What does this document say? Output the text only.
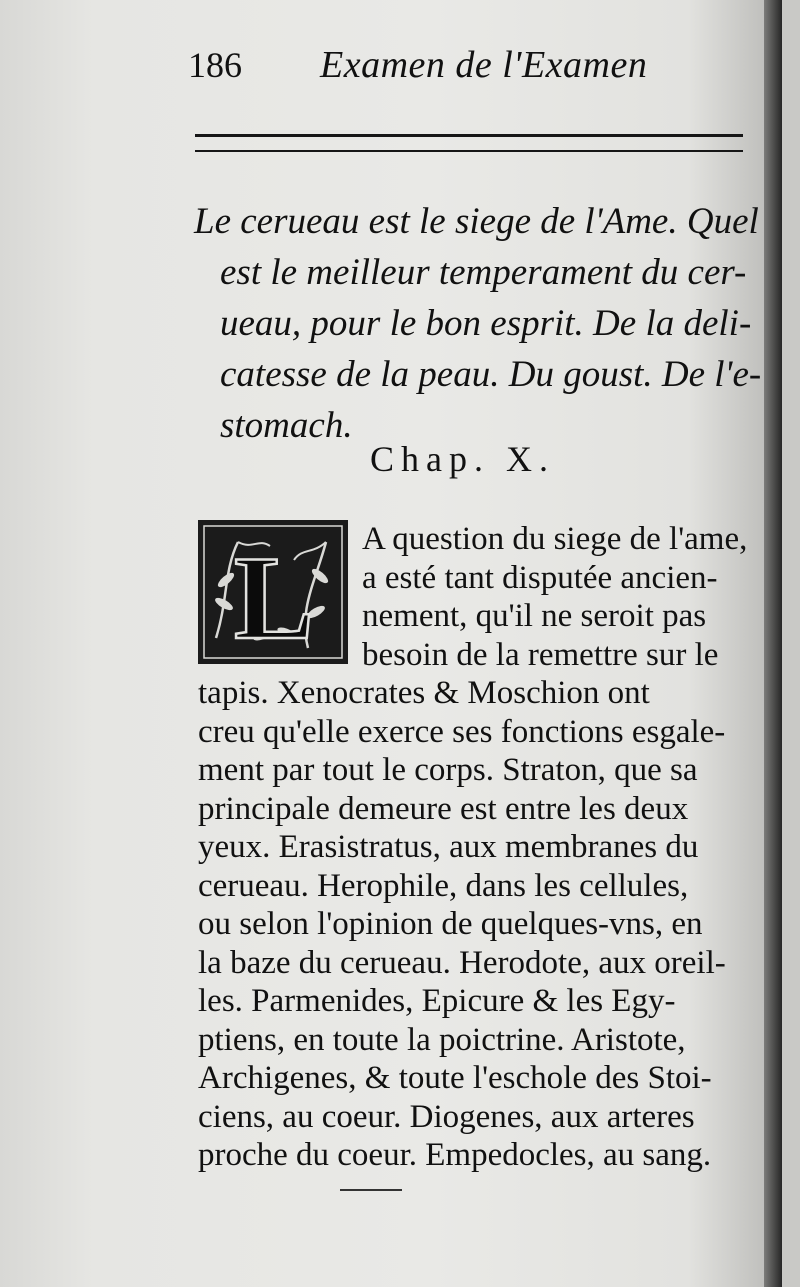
186 Examen de l'Examen
Le cerueau est le siege de l'Ame. Quel
est le meilleur temperament du cer-
ueau, pour le bon esprit. De la deli-
catesse de la peau. Du goust. De l'e-
stomach.
Chap. X.
L	A question du siege de l'ame,
a esté tant disputée ancien-
nement, qu'il ne seroit pas
besoin de la remettre sur le
tapis. Xenocrates & Moschion ont
creu qu'elle exerce ses fonctions esgale-
ment par tout le corps. Straton, que sa
principale demeure est entre les deux
yeux. Erasistratus, aux membranes du
cerueau. Herophile, dans les cellules,
ou selon l'opinion de quelques-vns, en
la baze du cerueau. Herodote, aux oreil-
les. Parmenides, Epicure & les Egy-
ptiens, en toute la poictrine. Aristote,
Archigenes, & toute l'eschole des Stoi-
ciens, au coeur. Diogenes, aux arteres
proche du coeur. Empedocles, au sang.
